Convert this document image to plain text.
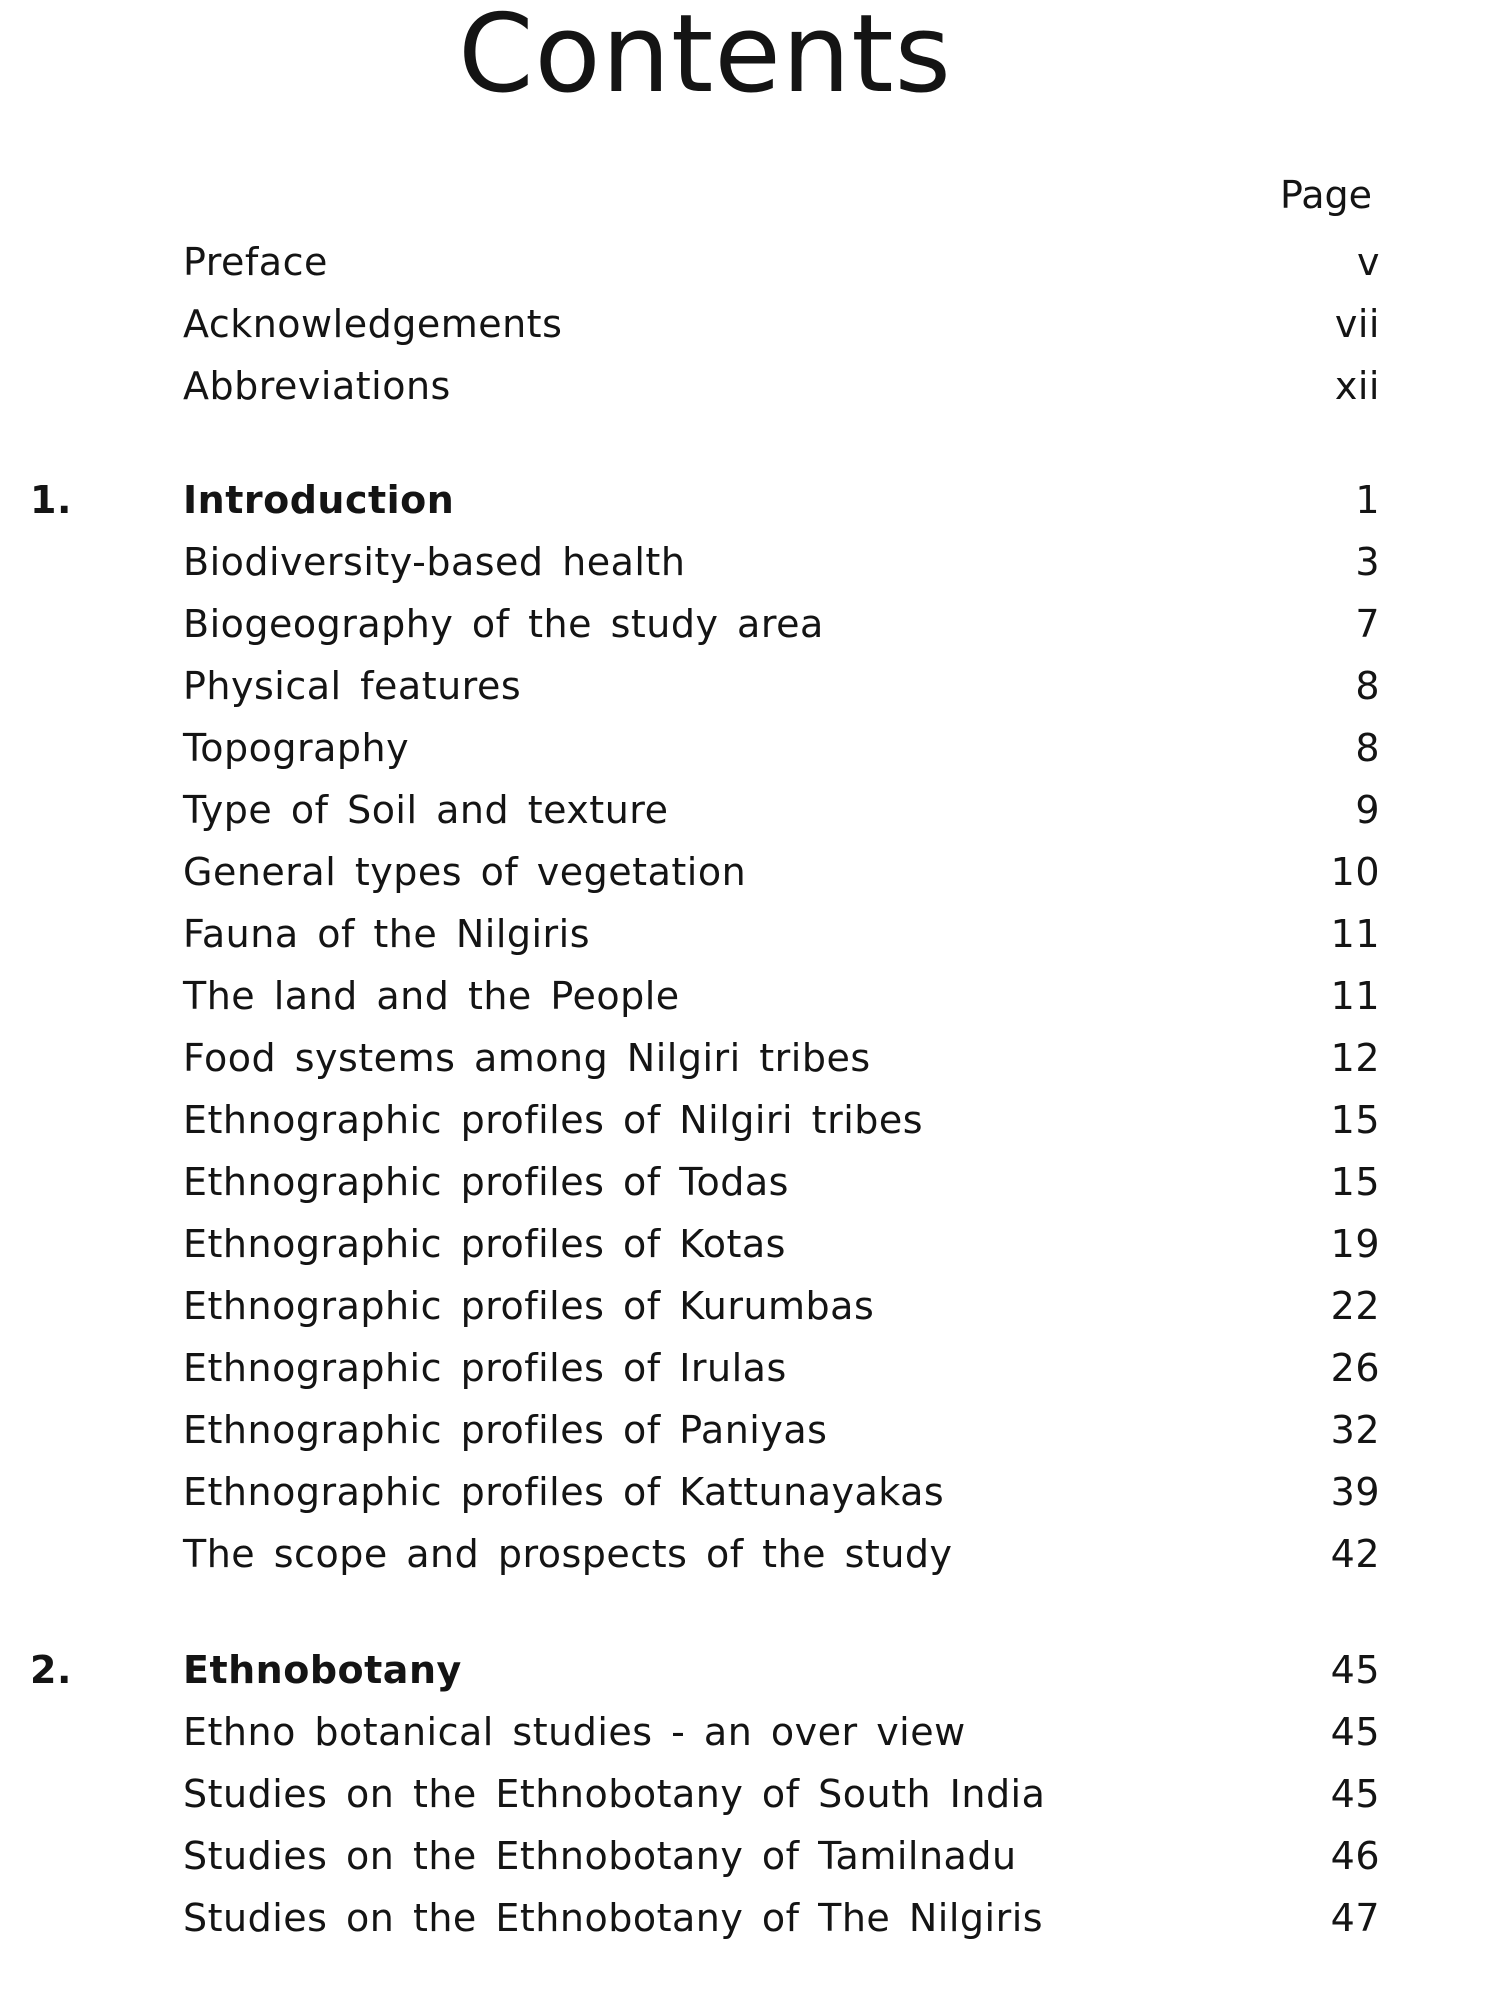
Contents
Page
Preface	v
Acknowledgements	vii
Abbreviations	xii
1.	Introduction	1
Biodiversity-based health	3
Biogeography of the study area	7
Physical features	8
Topography	8
Type of Soil and texture	9
General types of vegetation	10
Fauna of the Nilgiris	11
The land and the People	11
Food systems among Nilgiri tribes	12
Ethnographic profiles of Nilgiri tribes	15
Ethnographic profiles of Todas	15
Ethnographic profiles of Kotas	19
Ethnographic profiles of Kurumbas	22
Ethnographic profiles of Irulas	26
Ethnographic profiles of Paniyas	32
Ethnographic profiles of Kattunayakas	39
The scope and prospects of the study	42
2.	Ethnobotany	45
Ethno botanical studies - an over view	45
Studies on the Ethnobotany of South India	45
Studies on the Ethnobotany of Tamilnadu	46
Studies on the Ethnobotany of The Nilgiris	47
